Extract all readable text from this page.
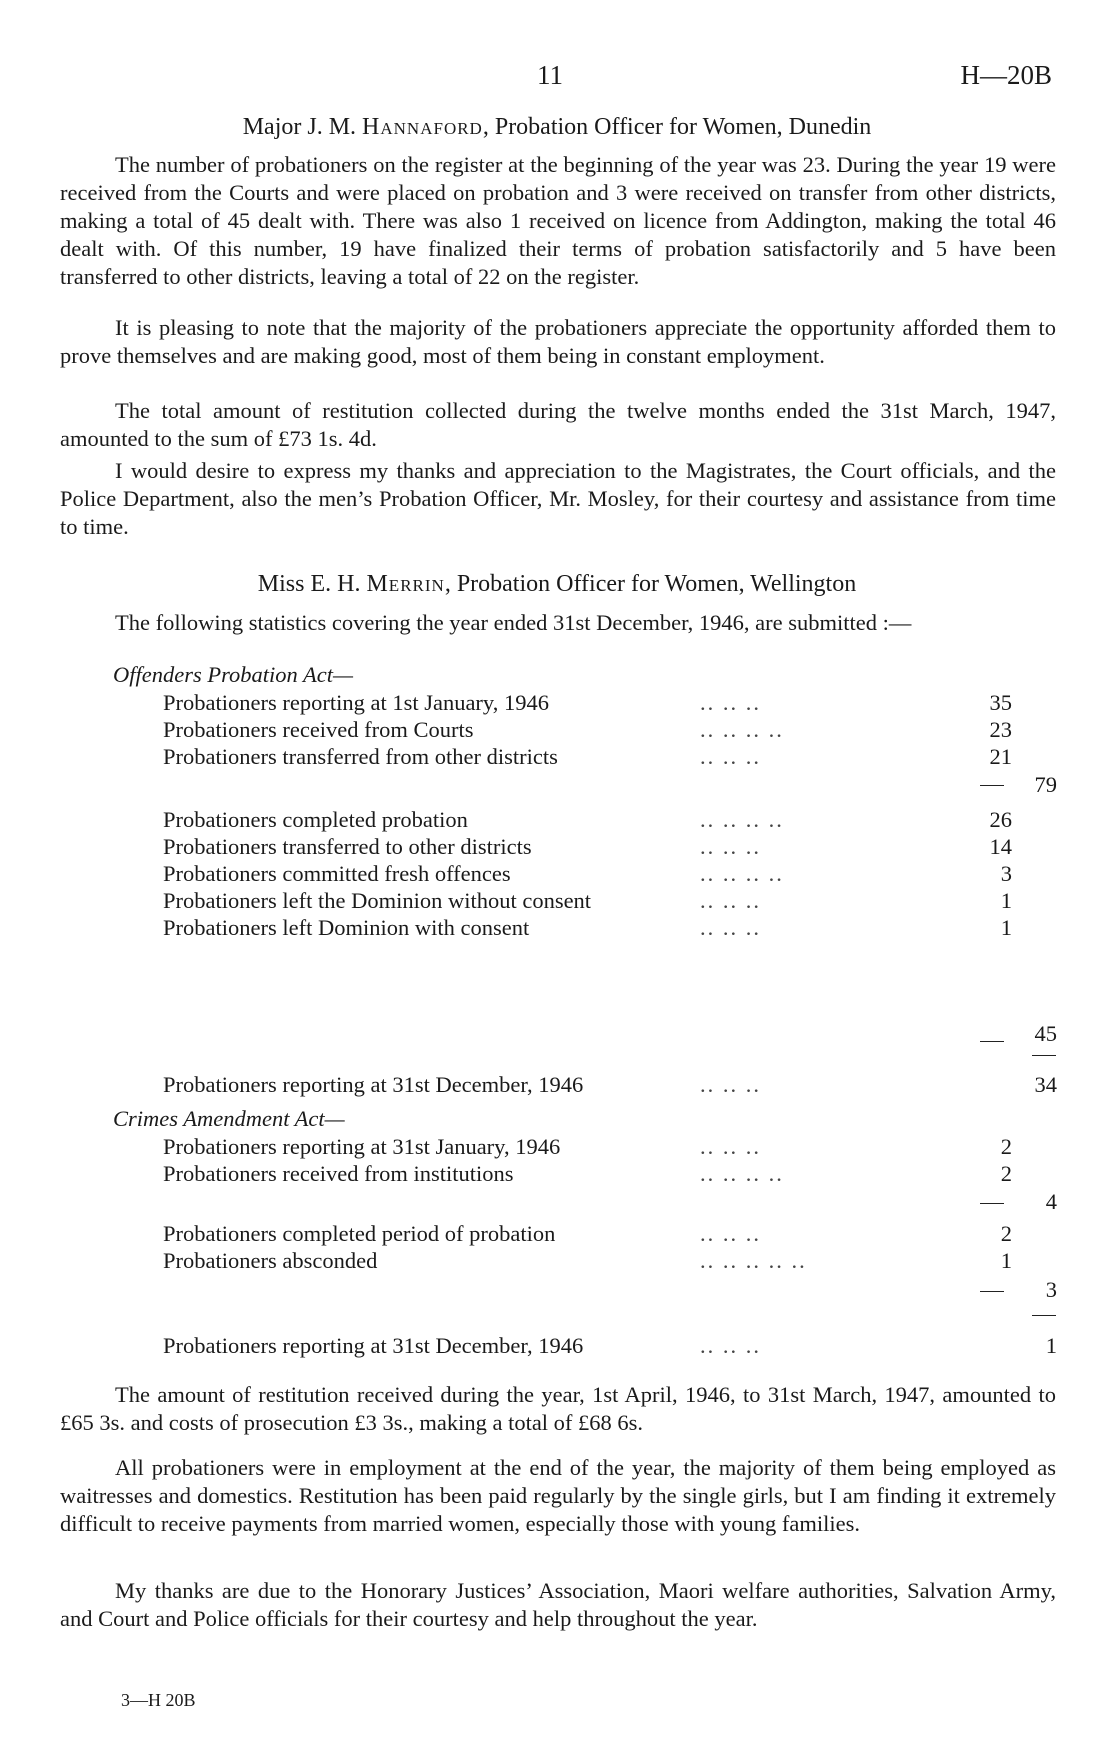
11	H—20B
Major J. M. Hannaford, Probation Officer for Women, Dunedin

The number of probationers on the register at the beginning of the year was 23. During the year 19 were received from the Courts and were placed on probation and 3 were received on transfer from other districts, making a total of 45 dealt with. There was also 1 received on licence from Addington, making the total 46 dealt with. Of this number, 19 have finalized their terms of probation satisfactorily and 5 have been transferred to other districts, leaving a total of 22 on the register.

It is pleasing to note that the majority of the probationers appreciate the opportunity afforded them to prove themselves and are making good, most of them being in constant employment.

The total amount of restitution collected during the twelve months ended the 31st March, 1947, amounted to the sum of £73 1s. 4d.

I would desire to express my thanks and appreciation to the Magistrates, the Court officials, and the Police Department, also the men’s Probation Officer, Mr. Mosley, for their courtesy and assistance from time to time.

Miss E. H. Merrin, Probation Officer for Women, Wellington

The following statistics covering the year ended 31st December, 1946, are submitted :—

Offenders Probation Act—
Probationers reporting at 1st January, 1946	.. .. ..	35
Probationers received from Courts	.. .. .. ..	23
Probationers transferred from other districts	.. .. ..	21
79
Probationers completed probation	.. .. .. ..	26
Probationers transferred to other districts	.. .. ..	14
Probationers committed fresh offences	.. .. .. ..	3
Probationers left the Dominion without consent	.. .. ..	1
Probationers left Dominion with consent	.. .. ..	1
45
Probationers reporting at 31st December, 1946	.. .. ..	34
Crimes Amendment Act—
Probationers reporting at 31st January, 1946	.. .. ..	2
Probationers received from institutions	.. .. .. ..	2
4
Probationers completed period of probation	.. .. ..	2
Probationers absconded	.. .. .. .. ..	1
3
Probationers reporting at 31st December, 1946	.. .. ..	1

The amount of restitution received during the year, 1st April, 1946, to 31st March, 1947, amounted to £65 3s. and costs of prosecution £3 3s., making a total of £68 6s.

All probationers were in employment at the end of the year, the majority of them being employed as waitresses and domestics. Restitution has been paid regularly by the single girls, but I am finding it extremely difficult to receive payments from married women, especially those with young families.

My thanks are due to the Honorary Justices’ Association, Maori welfare authorities, Salvation Army, and Court and Police officials for their courtesy and help throughout the year.

3—H 20B
